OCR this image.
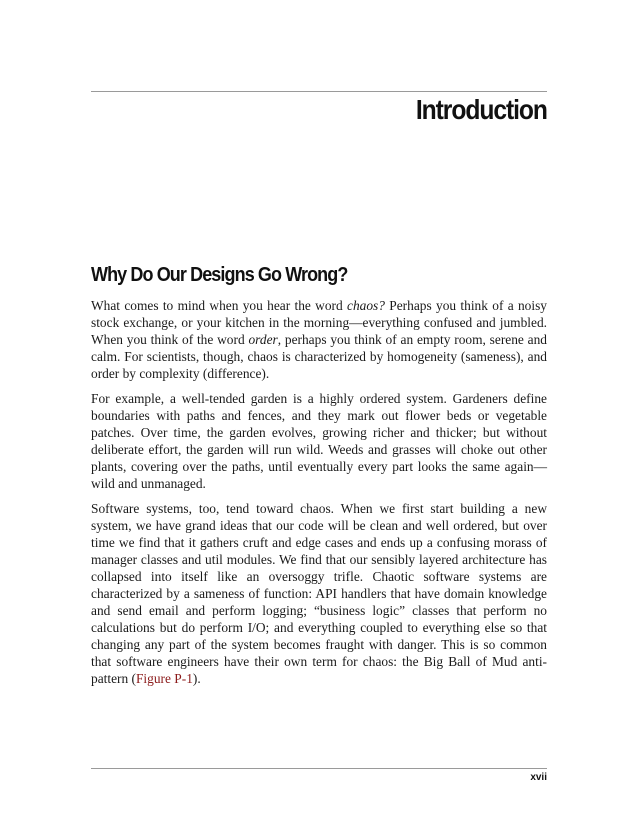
Introduction
Why Do Our Designs Go Wrong?

What comes to mind when you hear the word chaos? Perhaps you think of a noisy stock exchange, or your kitchen in the morning—everything confused and jumbled. When you think of the word order, perhaps you think of an empty room, serene and calm. For scientists, though, chaos is characterized by homogeneity (sameness), and order by complexity (difference).

For example, a well-tended garden is a highly ordered system. Gardeners define boundaries with paths and fences, and they mark out flower beds or vegetable patches. Over time, the garden evolves, growing richer and thicker; but without deliberate effort, the garden will run wild. Weeds and grasses will choke out other plants, covering over the paths, until eventually every part looks the same again—wild and unmanaged.

Software systems, too, tend toward chaos. When we first start building a new system, we have grand ideas that our code will be clean and well ordered, but over time we find that it gathers cruft and edge cases and ends up a confusing morass of manager classes and util modules. We find that our sensibly layered architecture has collapsed into itself like an oversoggy trifle. Chaotic software systems are characterized by a sameness of function: API handlers that have domain knowledge and send email and perform logging; “business logic” classes that perform no calculations but do perform I/O; and everything coupled to everything else so that changing any part of the system becomes fraught with danger. This is so common that software engineers have their own term for chaos: the Big Ball of Mud anti-pattern (Figure P-1).

xvii
